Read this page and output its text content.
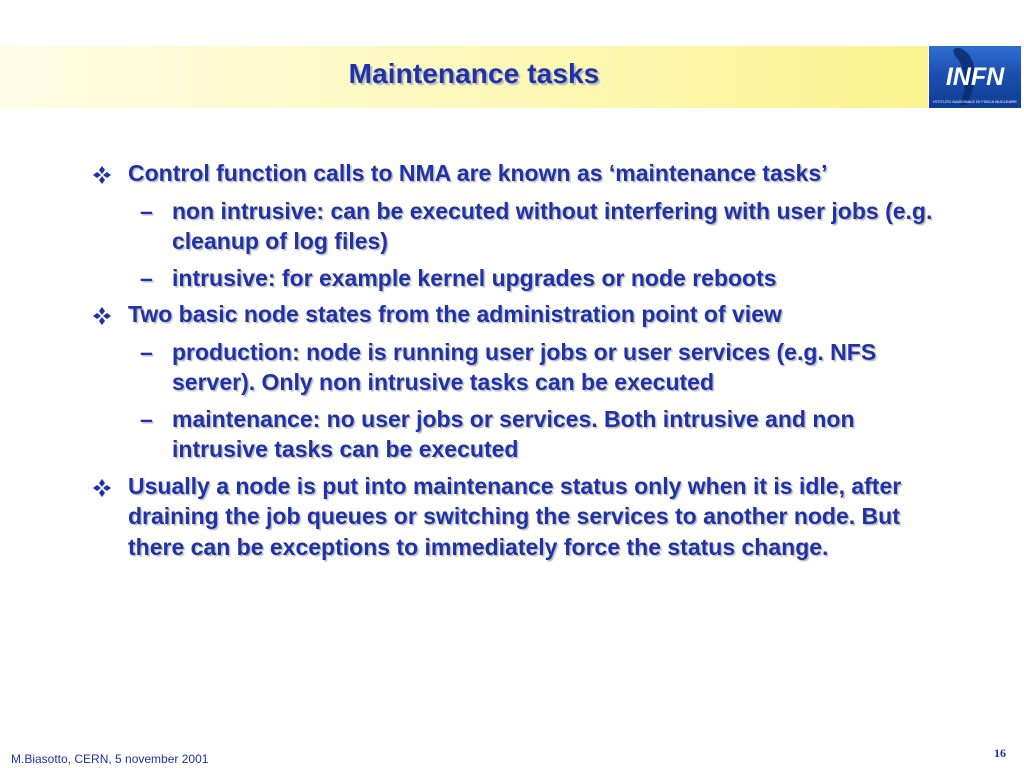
Maintenance tasks	INFN
ISTITUTO NAZIONALE DI FISICA NUCLEARE
Control function calls to NMA are known as ‘maintenance tasks’
– non intrusive: can be executed without interfering with user jobs (e.g. cleanup of log files)
– intrusive: for example kernel upgrades or node reboots
Two basic node states from the administration point of view
– production: node is running user jobs or user services (e.g. NFS server). Only non intrusive tasks can be executed
– maintenance: no user jobs or services. Both intrusive and non intrusive tasks can be executed
Usually a node is put into maintenance status only when it is idle, after draining the job queues or switching the services to another node. But there can be exceptions to immediately force the status change.
M.Biasotto, CERN, 5 november 2001	16
